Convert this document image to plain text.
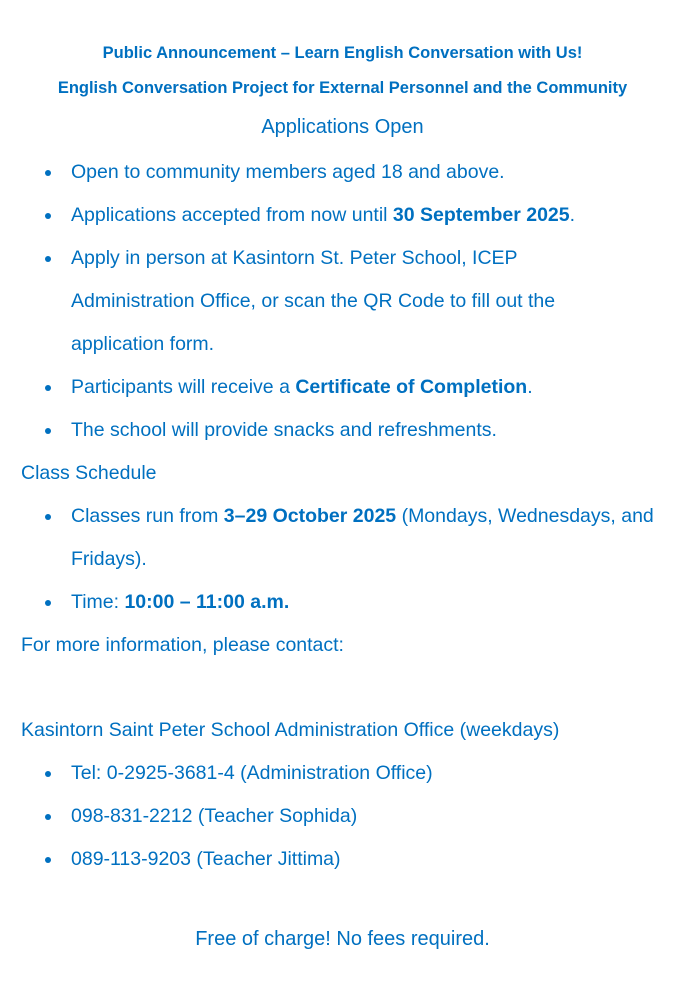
Public Announcement – Learn English Conversation with Us!
English Conversation Project for External Personnel and the Community
Applications Open
Open to community members aged 18 and above.
Applications accepted from now until 30 September 2025.
Apply in person at Kasintorn St. Peter School, ICEP Administration Office, or scan the QR Code to fill out the application form.
Participants will receive a Certificate of Completion.
The school will provide snacks and refreshments.
Class Schedule
Classes run from 3–29 October 2025 (Mondays, Wednesdays, and Fridays).
Time: 10:00 – 11:00 a.m.
For more information, please contact:
Kasintorn Saint Peter School Administration Office (weekdays)
Tel: 0-2925-3681-4 (Administration Office)
098-831-2212 (Teacher Sophida)
089-113-9203 (Teacher Jittima)
Free of charge! No fees required.
